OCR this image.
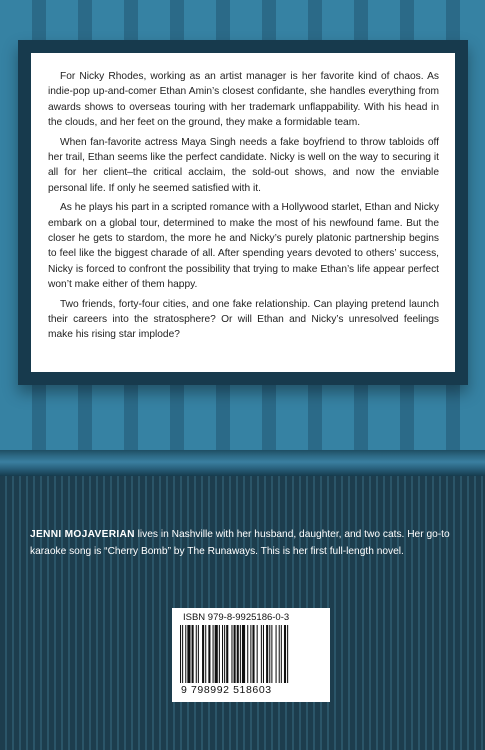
For Nicky Rhodes, working as an artist manager is her favorite kind of chaos. As indie-pop up-and-comer Ethan Amin’s closest confidante, she handles everything from awards shows to overseas touring with her trademark unflappability. With his head in the clouds, and her feet on the ground, they make a formidable team.

When fan-favorite actress Maya Singh needs a fake boyfriend to throw tabloids off her trail, Ethan seems like the perfect candidate. Nicky is well on the way to securing it all for her client–the critical acclaim, the sold-out shows, and now the enviable personal life. If only he seemed satisfied with it.

As he plays his part in a scripted romance with a Hollywood starlet, Ethan and Nicky embark on a global tour, determined to make the most of his newfound fame. But the closer he gets to stardom, the more he and Nicky’s purely platonic partnership begins to feel like the biggest charade of all. After spending years devoted to others’ success, Nicky is forced to confront the possibility that trying to make Ethan’s life appear perfect won’t make either of them happy.

Two friends, forty-four cities, and one fake relationship. Can playing pretend launch their careers into the stratosphere? Or will Ethan and Nicky’s unresolved feelings make his rising star implode?

JENNI MOJAVERIAN lives in Nashville with her husband, daughter, and two cats. Her go-to karaoke song is “Cherry Bomb” by The Runaways. This is her first full-length novel.

ISBN 979-8-9925186-0-3
9 798992 518603
